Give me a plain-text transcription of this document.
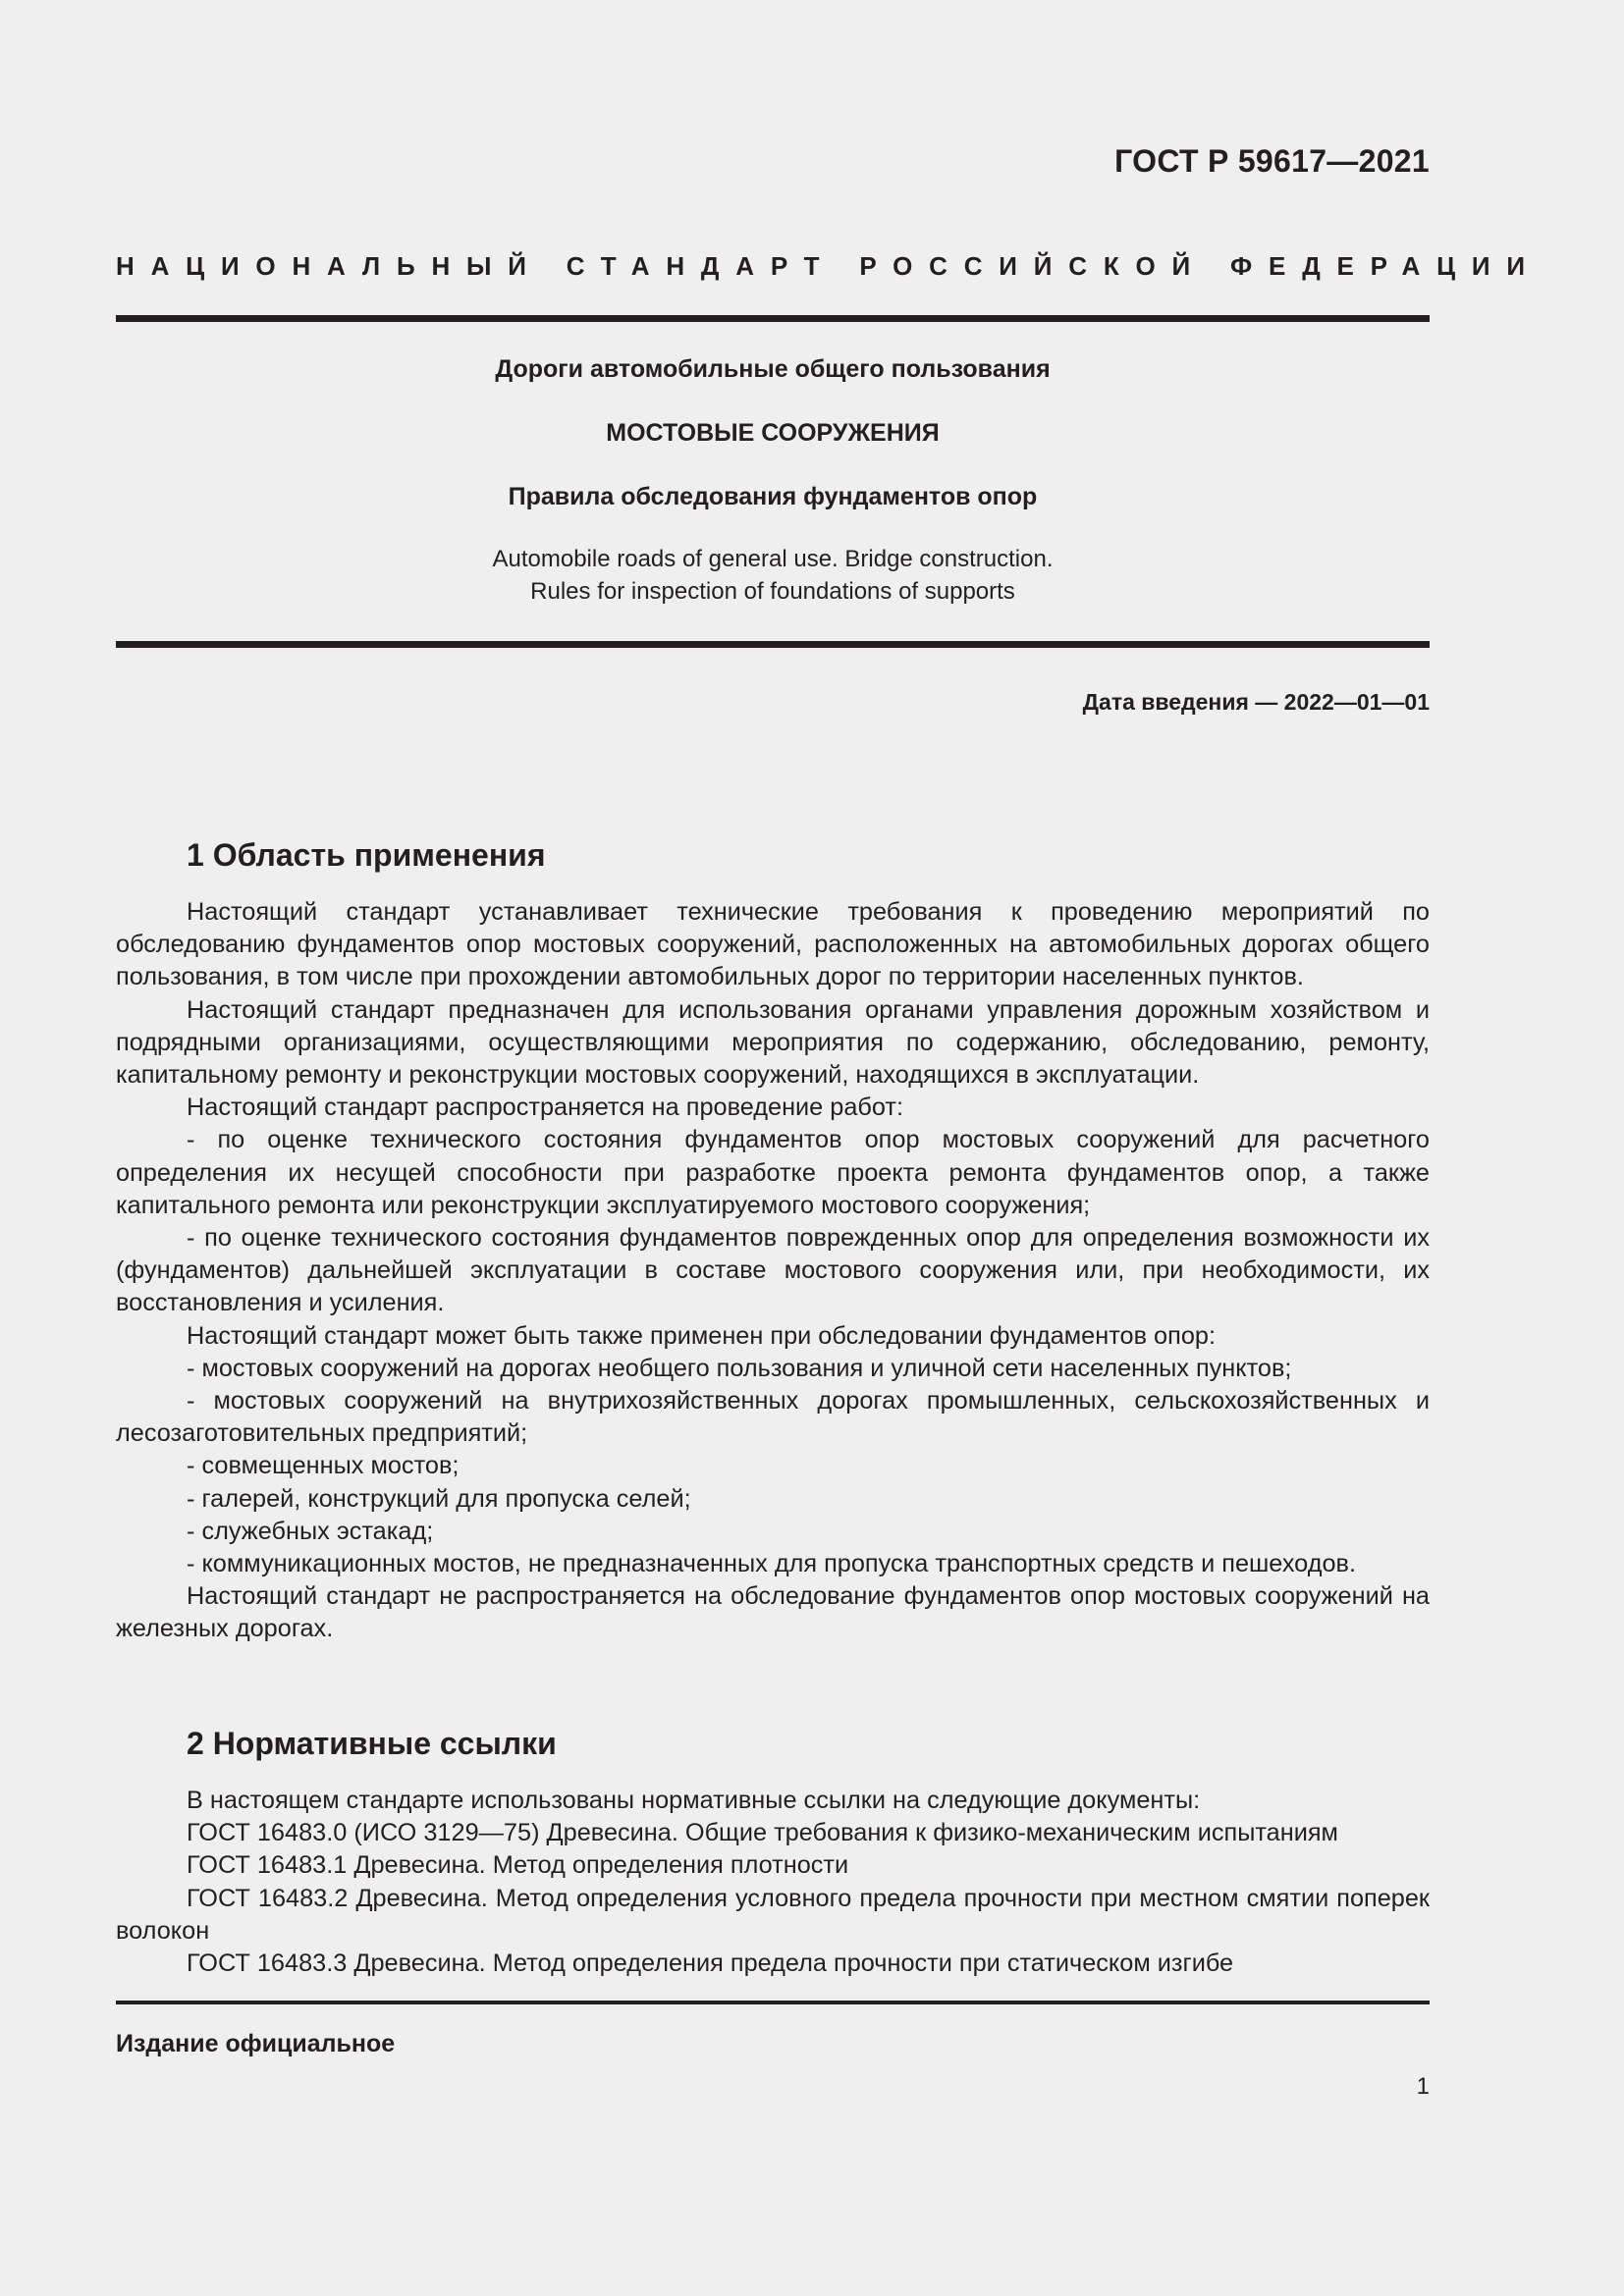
ГОСТ Р 59617—2021
НАЦИОНАЛЬНЫЙ СТАНДАРТ РОССИЙСКОЙ ФЕДЕРАЦИИ
Дороги автомобильные общего пользования
МОСТОВЫЕ СООРУЖЕНИЯ
Правила обследования фундаментов опор
Automobile roads of general use. Bridge construction.
Rules for inspection of foundations of supports
Дата введения — 2022—01—01
1 Область применения

Настоящий стандарт устанавливает технические требования к проведению мероприятий по обследованию фундаментов опор мостовых сооружений, расположенных на автомобильных дорогах общего пользования, в том числе при прохождении автомобильных дорог по территории населенных пунктов.

Настоящий стандарт предназначен для использования органами управления дорожным хозяйством и подрядными организациями, осуществляющими мероприятия по содержанию, обследованию, ремонту, капитальному ремонту и реконструкции мостовых сооружений, находящихся в эксплуатации.

Настоящий стандарт распространяется на проведение работ:

- по оценке технического состояния фундаментов опор мостовых сооружений для расчетного определения их несущей способности при разработке проекта ремонта фундаментов опор, а также капитального ремонта или реконструкции эксплуатируемого мостового сооружения;

- по оценке технического состояния фундаментов поврежденных опор для определения возможности их (фундаментов) дальнейшей эксплуатации в составе мостового сооружения или, при необходимости, их восстановления и усиления.

Настоящий стандарт может быть также применен при обследовании фундаментов опор:

- мостовых сооружений на дорогах необщего пользования и уличной сети населенных пунктов;

- мостовых сооружений на внутрихозяйственных дорогах промышленных, сельскохозяйственных и лесозаготовительных предприятий;

- совмещенных мостов;

- галерей, конструкций для пропуска селей;

- служебных эстакад;

- коммуникационных мостов, не предназначенных для пропуска транспортных средств и пешеходов.

Настоящий стандарт не распространяется на обследование фундаментов опор мостовых сооружений на железных дорогах.

2 Нормативные ссылки

В настоящем стандарте использованы нормативные ссылки на следующие документы:

ГОСТ 16483.0 (ИСО 3129—75) Древесина. Общие требования к физико-механическим испытаниям

ГОСТ 16483.1 Древесина. Метод определения плотности

ГОСТ 16483.2 Древесина. Метод определения условного предела прочности при местном смятии поперек волокон

ГОСТ 16483.3 Древесина. Метод определения предела прочности при статическом изгибе

Издание официальное
1
